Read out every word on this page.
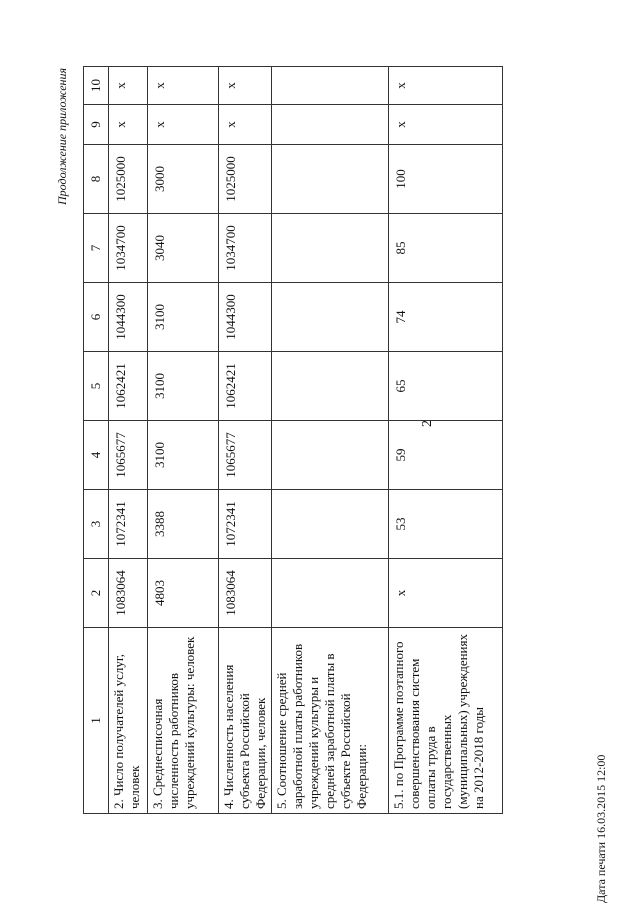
2
Продолжение приложения
1	2	3	4	5	6	7	8	9	10
2. Число получателей услуг, человек	1083064	1072341	1065677	1062421	1044300	1034700	1025000	х	х
3. Среднесписочная численность работников учреждений культуры: человек	4803	3388	3100	3100	3100	3040	3000	х	х
4. Численность населения субъекта Российской Федерации, человек	1083064	1072341	1065677	1062421	1044300	1034700	1025000	х	х
5. Соотношение средней заработной платы работников учреждений культуры и средней заработной платы в субъекте Российской Федерации:									
5.1. по Программе поэтапного совершенствования систем оплаты труда в государственных (муниципальных) учреждениях на 2012-2018 годы	х	53	59	65	74	85	100	х	х
Дата печати 16.03.2015 12:00
